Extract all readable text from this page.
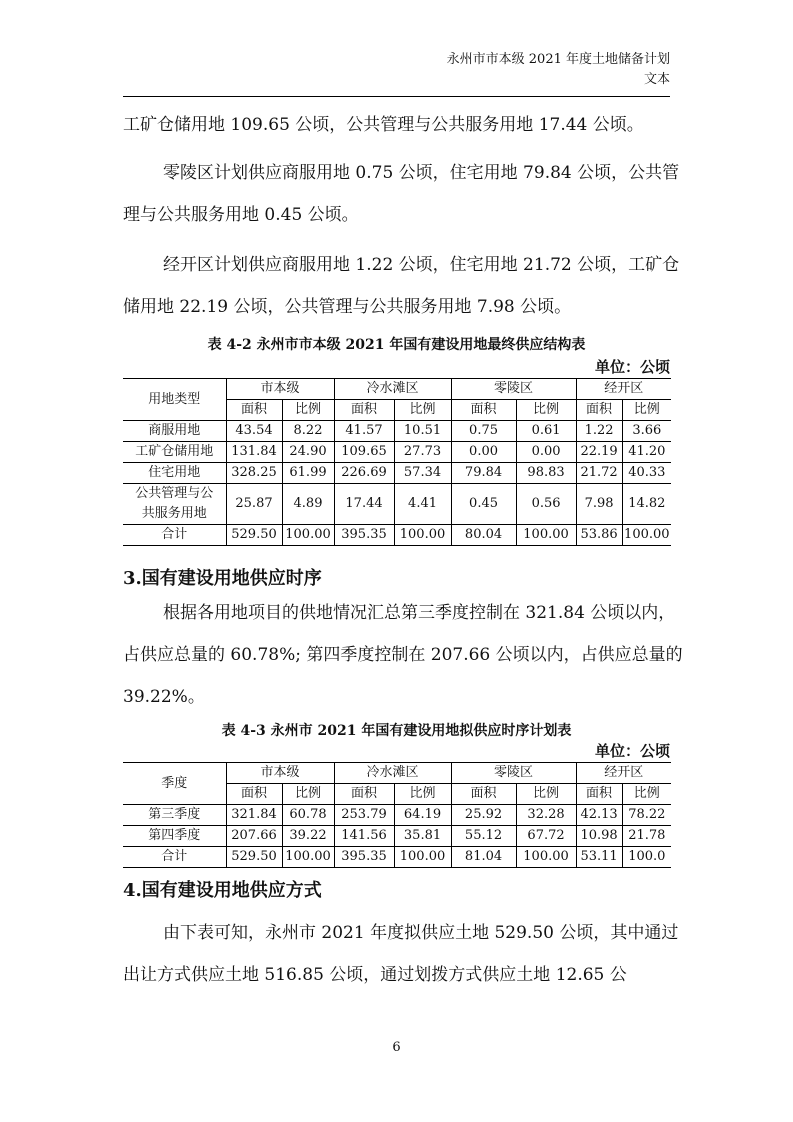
永州市市本级 2021 年度土地储备计划文本

工矿仓储用地 109.65 公顷，公共管理与公共服务用地 17.44 公顷。

零陵区计划供应商服用地 0.75 公顷，住宅用地 79.84 公顷，公共管理与公共服务用地 0.45 公顷。

经开区计划供应商服用地 1.22 公顷，住宅用地 21.72 公顷，工矿仓储用地 22.19 公顷，公共管理与公共服务用地 7.98 公顷。

表 4-2 永州市市本级 2021 年国有建设用地最终供应结构表

单位：公顷

用地类型	市本级		冷水滩区		零陵区		经开区	
	面积	比例	面积	比例	面积	比例	面积	比例
商服用地	43.54	8.22	41.57	10.51	0.75	0.61	1.22	3.66
工矿仓储用地	131.84	24.90	109.65	27.73	0.00	0.00	22.19	41.20
住宅用地	328.25	61.99	226.69	57.34	79.84	98.83	21.72	40.33
公共管理与公共服务用地	25.87	4.89	17.44	4.41	0.45	0.56	7.98	14.82
合计	529.50	100.00	395.35	100.00	80.04	100.00	53.86	100.00

3.国有建设用地供应时序

根据各用地项目的供地情况汇总第三季度控制在 321.84 公顷以内，占供应总量的 60.78%; 第四季度控制在 207.66 公顷以内，占供应总量的 39.22%。

表 4-3 永州市 2021 年国有建设用地拟供应时序计划表

单位：公顷

季度	市本级		冷水滩区		零陵区		经开区	
	面积	比例	面积	比例	面积	比例	面积	比例
第三季度	321.84	60.78	253.79	64.19	25.92	32.28	42.13	78.22
第四季度	207.66	39.22	141.56	35.81	55.12	67.72	10.98	21.78
合计	529.50	100.00	395.35	100.00	81.04	100.00	53.11	100.0

4.国有建设用地供应方式

由下表可知，永州市 2021 年度拟供应土地 529.50 公顷，其中通过出让方式供应土地 516.85 公顷，通过划拨方式供应土地 12.65 公

6
